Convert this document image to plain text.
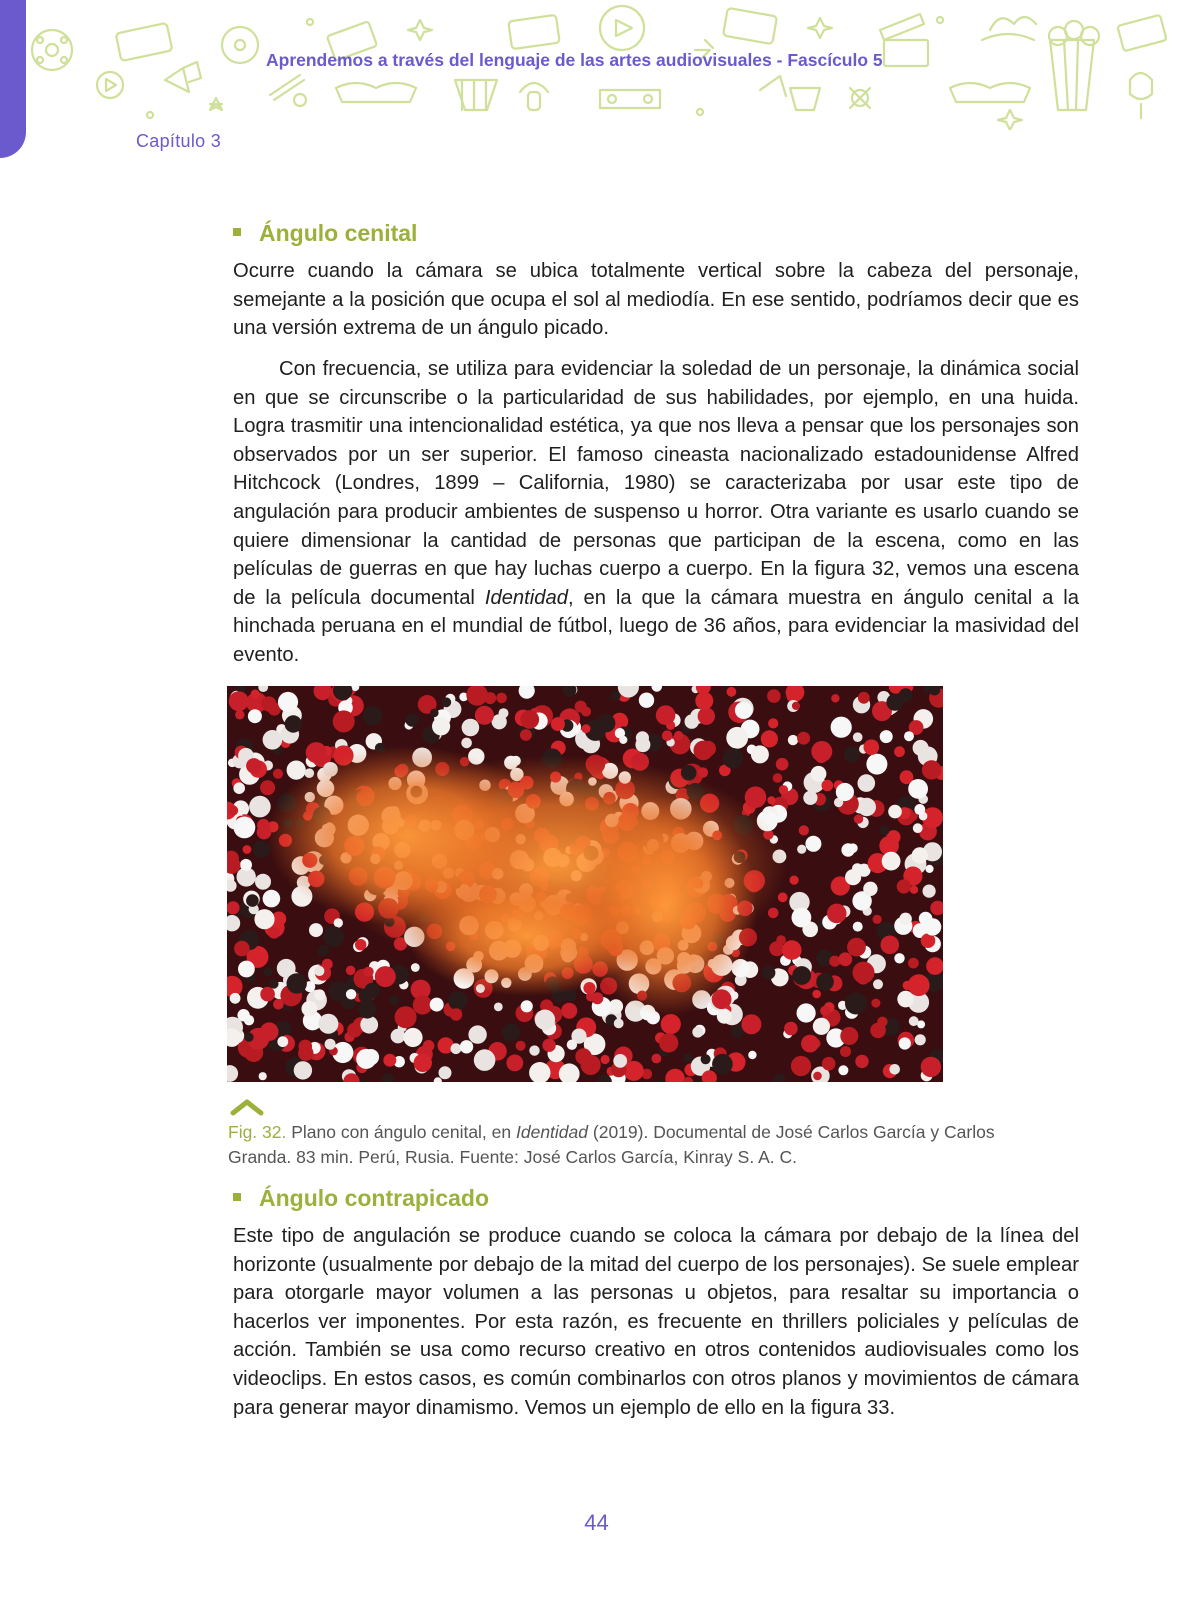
Aprendemos a través del lenguaje de las artes audiovisuales - Fascículo 5
Capítulo 3
Ángulo cenital

Ocurre cuando la cámara se ubica totalmente vertical sobre la cabeza del personaje, semejante a la posición que ocupa el sol al mediodía. En ese sentido, podríamos decir que es una versión extrema de un ángulo picado.

Con frecuencia, se utiliza para evidenciar la soledad de un personaje, la dinámica social en que se circunscribe o la particularidad de sus habilidades, por ejemplo, en una huida. Logra trasmitir una intencionalidad estética, ya que nos lleva a pensar que los personajes son observados por un ser superior. El famoso cineasta nacionalizado estadounidense Alfred Hitchcock (Londres, 1899 – California, 1980) se caracterizaba por usar este tipo de angulación para producir ambientes de suspenso u horror. Otra variante es usarlo cuando se quiere dimensionar la cantidad de personas que participan de la escena, como en las películas de guerras en que hay luchas cuerpo a cuerpo. En la figura 32, vemos una escena de la película documental Identidad, en la que la cámara muestra en ángulo cenital a la hinchada peruana en el mundial de fútbol, luego de 36 años, para evidenciar la masividad del evento.

Fig. 32. Plano con ángulo cenital, en Identidad (2019). Documental de José Carlos García y Carlos Granda. 83 min. Perú, Rusia. Fuente: José Carlos García, Kinray S. A. C.

Ángulo contrapicado

Este tipo de angulación se produce cuando se coloca la cámara por debajo de la línea del horizonte (usualmente por debajo de la mitad del cuerpo de los personajes). Se suele emplear para otorgarle mayor volumen a las personas u objetos, para resaltar su importancia o hacerlos ver imponentes. Por esta razón, es frecuente en thrillers policiales y películas de acción. También se usa como recurso creativo en otros contenidos audiovisuales como los videoclips. En estos casos, es común combinarlos con otros planos y movimientos de cámara para generar mayor dinamismo. Vemos un ejemplo de ello en la figura 33.

44
